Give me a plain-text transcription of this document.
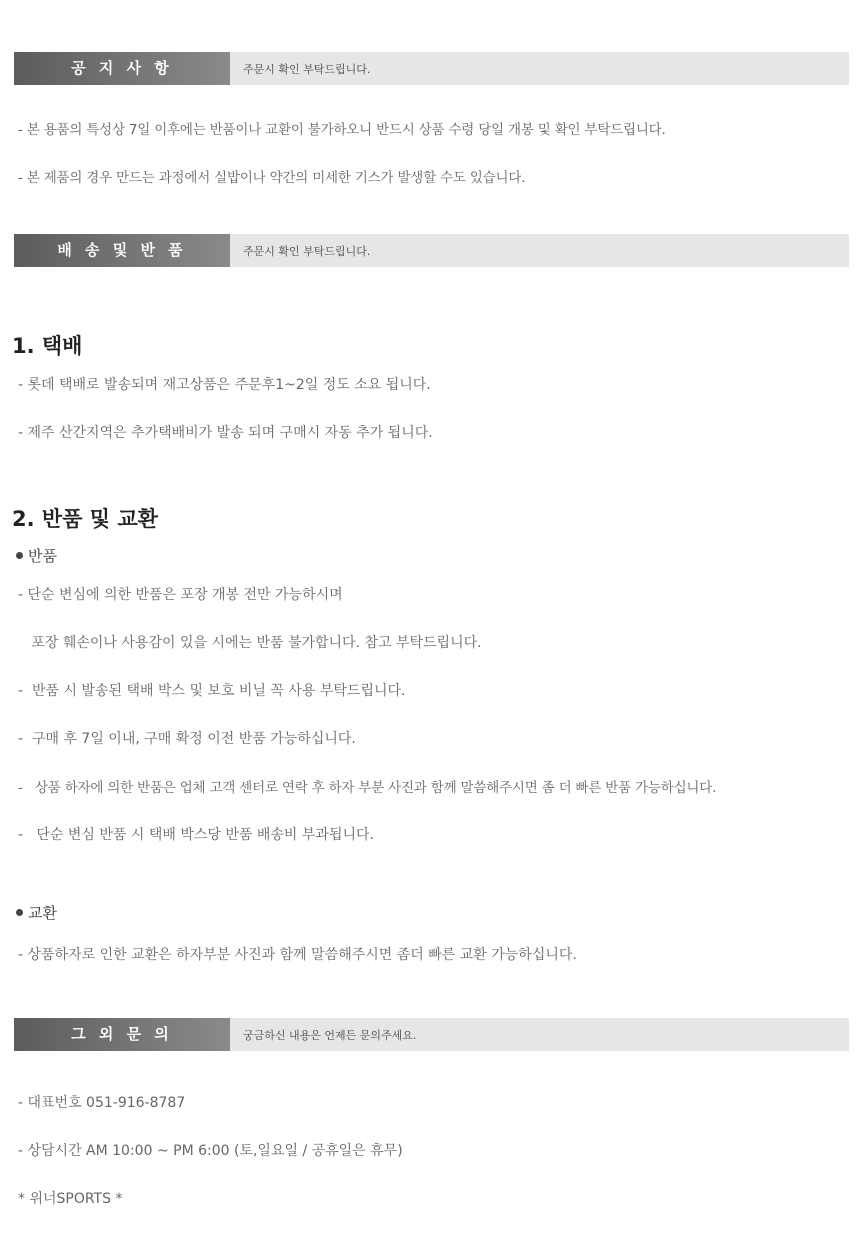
공 지 사 항	주문시 확인 부탁드립니다.
- 본 용품의 특성상 7일 이후에는 반품이나 교환이 불가하오니 반드시 상품 수령 당일 개봉 및 확인 부탁드립니다.
- 본 제품의 경우 만드는 과정에서 실밥이나 약간의 미세한 기스가 발생할 수도 있습니다.
배 송 및 반 품	주문시 확인 부탁드립니다.
1. 택배
- 롯데 택배로 발송되며 재고상품은 주문후1~2일 정도 소요 됩니다.
- 제주 산간지역은 추가택배비가 발송 되며 구매시 자동 추가 됩니다.
2. 반품 및 교환
반품
- 단순 변심에 의한 반품은 포장 개봉 전만 가능하시며
포장 훼손이나 사용감이 있을 시에는 반품 불가합니다. 참고 부탁드립니다.
-  반품 시 발송된 택배 박스 및 보호 비닐 꼭 사용 부탁드립니다.
-  구매 후 7일 이내, 구매 확정 이전 반품 가능하십니다.
-   상품 하자에 의한 반품은 업체 고객 센터로 연락 후 하자 부분 사진과 함께 말씀해주시면 좀 더 빠른 반품 가능하십니다.
-   단순 변심 반품 시 택배 박스당 반품 배송비 부과됩니다.
교환
- 상품하자로 인한 교환은 하자부분 사진과 함께 말씀해주시면 좀더 빠른 교환 가능하십니다.
그 외 문 의	궁금하신 내용은 언제든 문의주세요.
- 대표번호 051-916-8787
- 상담시간 AM 10:00 ~ PM 6:00 (토,일요일 / 공휴일은 휴무)
* 위너SPORTS *
